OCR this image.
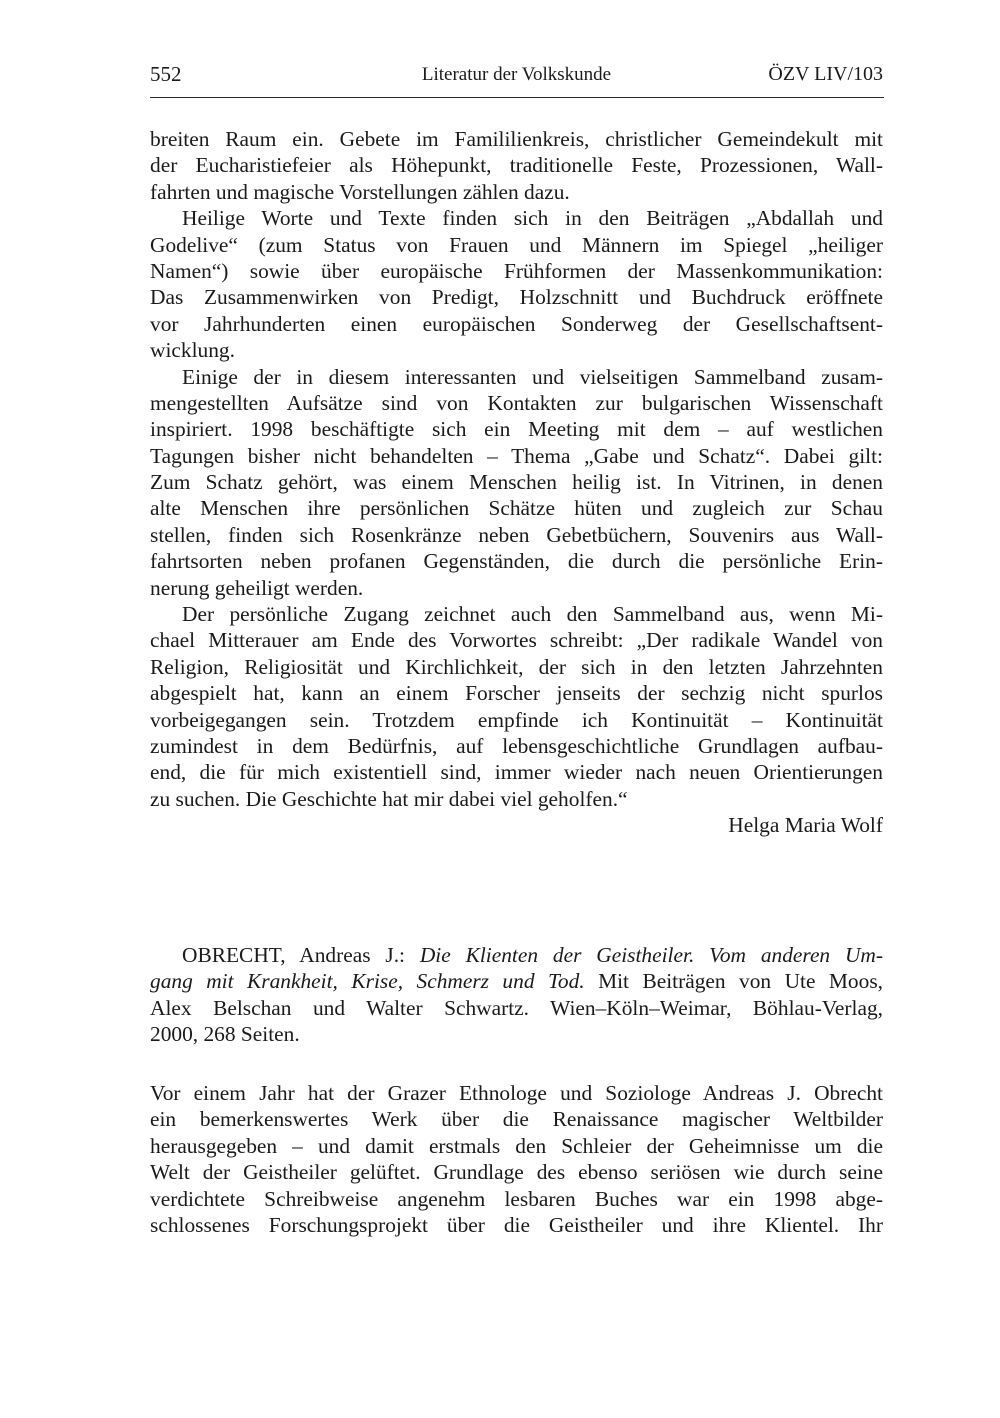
552	Literatur der Volkskunde	ÖZV LIV/103
breiten Raum ein. Gebete im Famililienkreis, christlicher Gemeindekult mit
der Eucharistiefeier als Höhepunkt, traditionelle Feste, Prozessionen, Wall-
fahrten und magische Vorstellungen zählen dazu.
Heilige Worte und Texte finden sich in den Beiträgen „Abdallah und
Godelive“ (zum Status von Frauen und Männern im Spiegel „heiliger
Namen“) sowie über europäische Frühformen der Massenkommunikation:
Das Zusammenwirken von Predigt, Holzschnitt und Buchdruck eröffnete
vor Jahrhunderten einen europäischen Sonderweg der Gesellschaftsent-
wicklung.
Einige der in diesem interessanten und vielseitigen Sammelband zusam-
mengestellten Aufsätze sind von Kontakten zur bulgarischen Wissenschaft
inspiriert. 1998 beschäftigte sich ein Meeting mit dem – auf westlichen
Tagungen bisher nicht behandelten – Thema „Gabe und Schatz“. Dabei gilt:
Zum Schatz gehört, was einem Menschen heilig ist. In Vitrinen, in denen
alte Menschen ihre persönlichen Schätze hüten und zugleich zur Schau
stellen, finden sich Rosenkränze neben Gebetbüchern, Souvenirs aus Wall-
fahrtsorten neben profanen Gegenständen, die durch die persönliche Erin-
nerung geheiligt werden.
Der persönliche Zugang zeichnet auch den Sammelband aus, wenn Mi-
chael Mitterauer am Ende des Vorwortes schreibt: „Der radikale Wandel von
Religion, Religiosität und Kirchlichkeit, der sich in den letzten Jahrzehnten
abgespielt hat, kann an einem Forscher jenseits der sechzig nicht spurlos
vorbeigegangen sein. Trotzdem empfinde ich Kontinuität – Kontinuität
zumindest in dem Bedürfnis, auf lebensgeschichtliche Grundlagen aufbau-
end, die für mich existentiell sind, immer wieder nach neuen Orientierungen
zu suchen. Die Geschichte hat mir dabei viel geholfen.“
Helga Maria Wolf
OBRECHT, Andreas J.: Die Klienten der Geistheiler. Vom anderen Um-
gang mit Krankheit, Krise, Schmerz und Tod. Mit Beiträgen von Ute Moos,
Alex Belschan und Walter Schwartz. Wien–Köln–Weimar, Böhlau-Verlag,
2000, 268 Seiten.
Vor einem Jahr hat der Grazer Ethnologe und Soziologe Andreas J. Obrecht
ein bemerkenswertes Werk über die Renaissance magischer Weltbilder
herausgegeben – und damit erstmals den Schleier der Geheimnisse um die
Welt der Geistheiler gelüftet. Grundlage des ebenso seriösen wie durch seine
verdichtete Schreibweise angenehm lesbaren Buches war ein 1998 abge-
schlossenes Forschungsprojekt über die Geistheiler und ihre Klientel. Ihr
